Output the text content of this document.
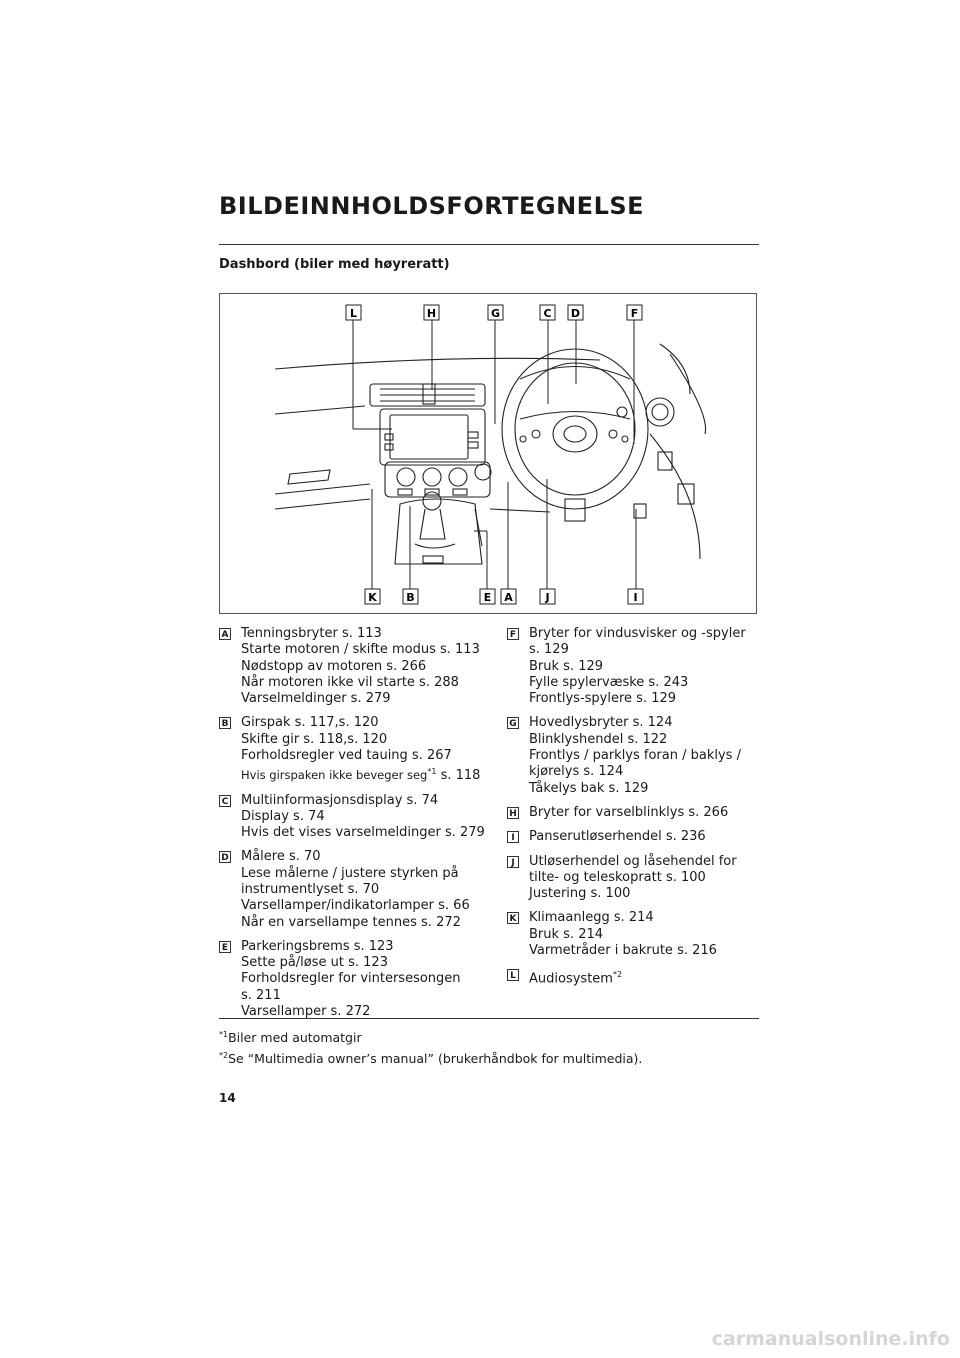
BILDEINNHOLDSFORTEGNELSE
Dashbord (biler med høyreratt)
L	H	G	C D	F
K	B	E A	J	I
A Tenningsbryter s. 113
Starte motoren / skifte modus s. 113
Nødstopp av motoren s. 266
Når motoren ikke vil starte s. 288
Varselmeldinger s. 279
B Girspak s. 117,s. 120
Skifte gir s. 118,s. 120
Forholdsregler ved tauing s. 267
Hvis girspaken ikke beveger seg$^{*1}$ s. 118
C Multiinformasjonsdisplay s. 74
Display s. 74
Hvis det vises varselmeldinger s. 279
D Målere s. 70
Lese målerne / justere styrken på
instrumentlyset s. 70
Varsellamper/indikatorlamper s. 66
Når en varsellampe tennes s. 272
E Parkeringsbrems s. 123
Sette på/løse ut s. 123
Forholdsregler for vintersesongen
s. 211
Varsellamper s. 272
F Bryter for vindusvisker og -spyler
s. 129
Bruk s. 129
Fylle spylervæske s. 243
Frontlys-spylere s. 129
G Hovedlysbryter s. 124
Blinklyshendel s. 122
Frontlys / parklys foran / baklys /
kjørelys s. 124
Tåkelys bak s. 129
H Bryter for varselblinklys s. 266
I	Panserutløserhendel s. 236
J	Utløserhendel og låsehendel for
tilte- og teleskopratt s. 100
Justering s. 100
K Klimaanlegg s. 214
Bruk s. 214
Varmetråder i bakrute s. 216
L Audiosystem$^{*2}$
$^{*1}$Biler med automatgir
$^{*2}$Se “Multimedia owner’s manual” (brukerhåndbok for multimedia).
14
carmanualsonline.info
